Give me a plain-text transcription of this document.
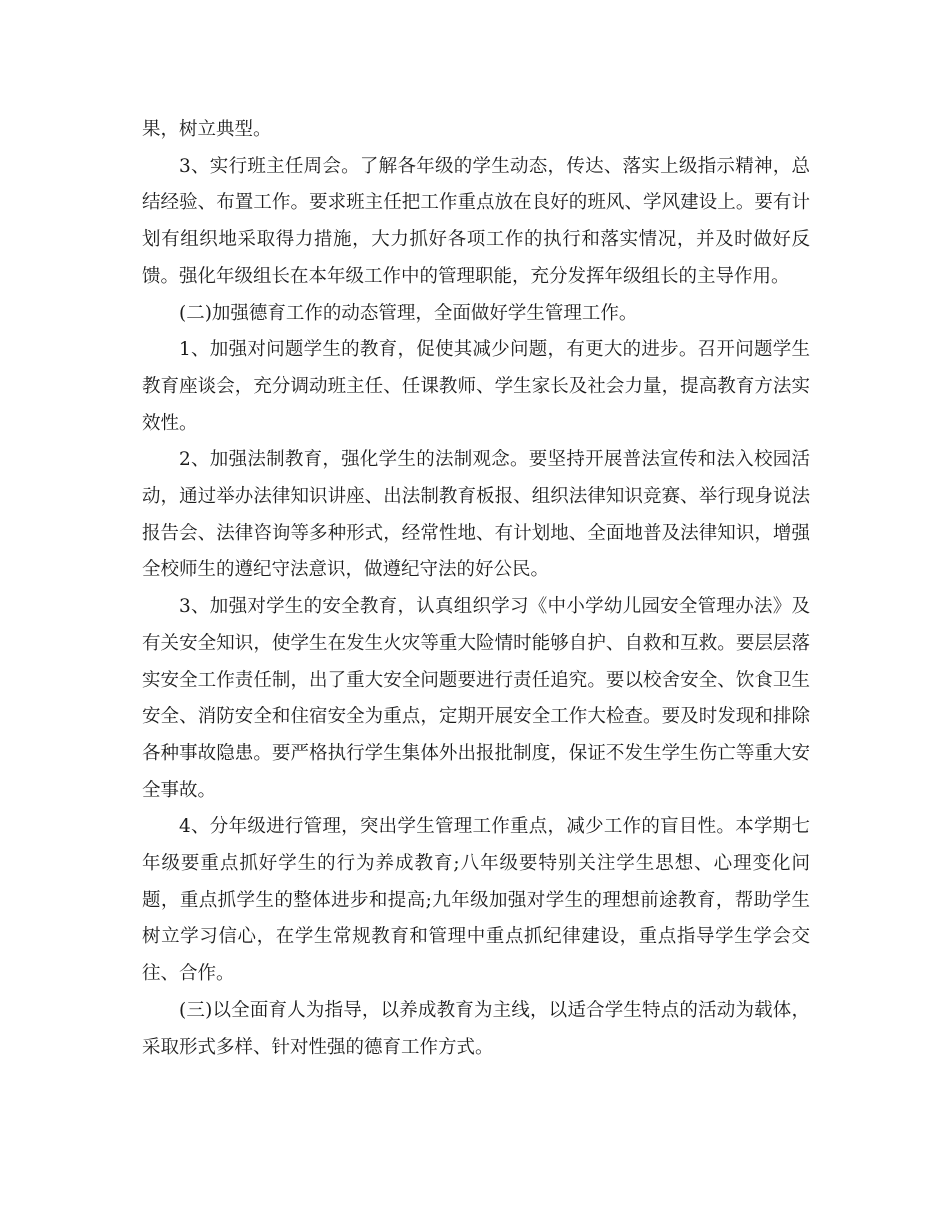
果，树立典型。

3、实行班主任周会。了解各年级的学生动态，传达、落实上级指示精神，总结经验、布置工作。要求班主任把工作重点放在良好的班风、学风建设上。要有计划有组织地采取得力措施，大力抓好各项工作的执行和落实情况，并及时做好反馈。强化年级组长在本年级工作中的管理职能，充分发挥年级组长的主导作用。

(二)加强德育工作的动态管理，全面做好学生管理工作。

1、加强对问题学生的教育，促使其减少问题，有更大的进步。召开问题学生教育座谈会，充分调动班主任、任课教师、学生家长及社会力量，提高教育方法实效性。

2、加强法制教育，强化学生的法制观念。要坚持开展普法宣传和法入校园活动，通过举办法律知识讲座、出法制教育板报、组织法律知识竞赛、举行现身说法报告会、法律咨询等多种形式，经常性地、有计划地、全面地普及法律知识，增强全校师生的遵纪守法意识，做遵纪守法的好公民。

3、加强对学生的安全教育，认真组织学习《中小学幼儿园安全管理办法》及有关安全知识，使学生在发生火灾等重大险情时能够自护、自救和互救。要层层落实安全工作责任制，出了重大安全问题要进行责任追究。要以校舍安全、饮食卫生安全、消防安全和住宿安全为重点，定期开展安全工作大检查。要及时发现和排除各种事故隐患。要严格执行学生集体外出报批制度，保证不发生学生伤亡等重大安全事故。

4、分年级进行管理，突出学生管理工作重点，减少工作的盲目性。本学期七年级要重点抓好学生的行为养成教育;八年级要特别关注学生思想、心理变化问题，重点抓学生的整体进步和提高;九年级加强对学生的理想前途教育，帮助学生树立学习信心，在学生常规教育和管理中重点抓纪律建设，重点指导学生学会交往、合作。

(三)以全面育人为指导，以养成教育为主线，以适合学生特点的活动为载体，采取形式多样、针对性强的德育工作方式。
